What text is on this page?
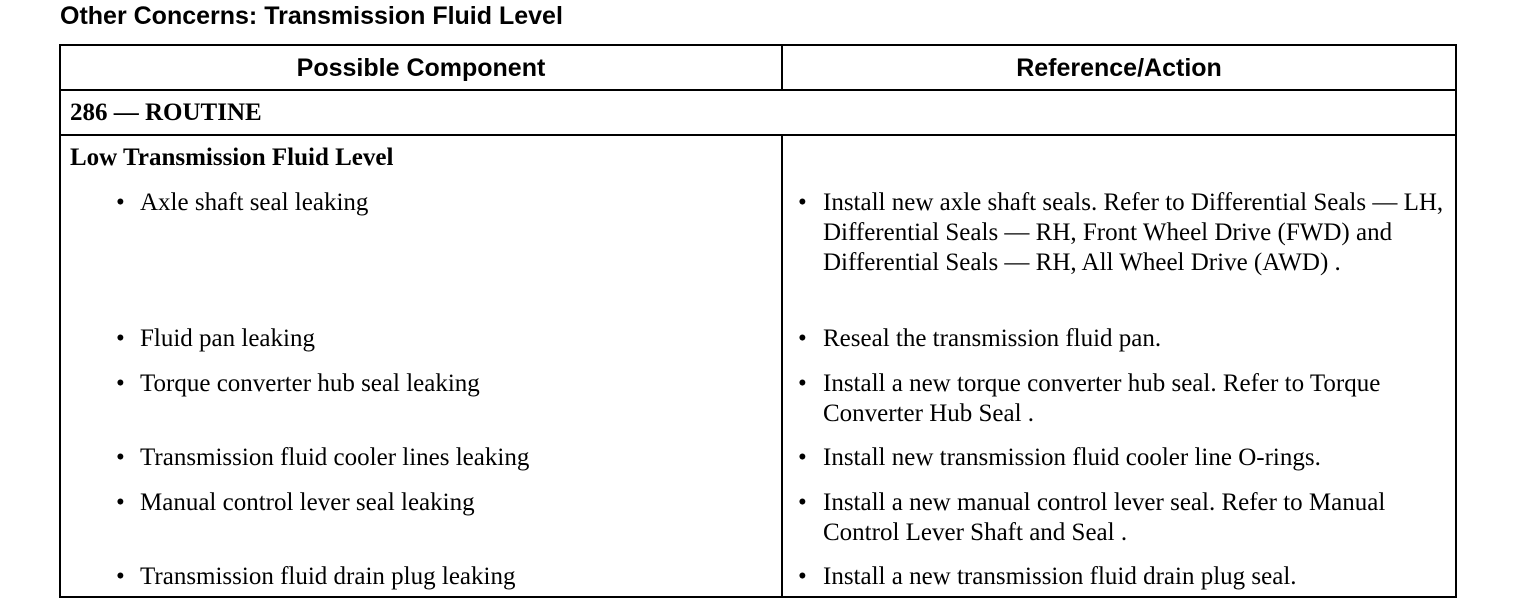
Other Concerns: Transmission Fluid Level
Possible Component	Reference/Action
286 — ROUTINE
Low Transmission Fluid Level
• Axle shaft seal leaking	• Install new axle shaft seals. Refer to Differential Seals — LH, Differential Seals — RH, Front Wheel Drive (FWD) and Differential Seals — RH, All Wheel Drive (AWD) .
• Fluid pan leaking	• Reseal the transmission fluid pan.
• Torque converter hub seal leaking	• Install a new torque converter hub seal. Refer to Torque Converter Hub Seal .
• Transmission fluid cooler lines leaking	• Install new transmission fluid cooler line O-rings.
• Manual control lever seal leaking	• Install a new manual control lever seal. Refer to Manual Control Lever Shaft and Seal .
• Transmission fluid drain plug leaking	• Install a new transmission fluid drain plug seal.
